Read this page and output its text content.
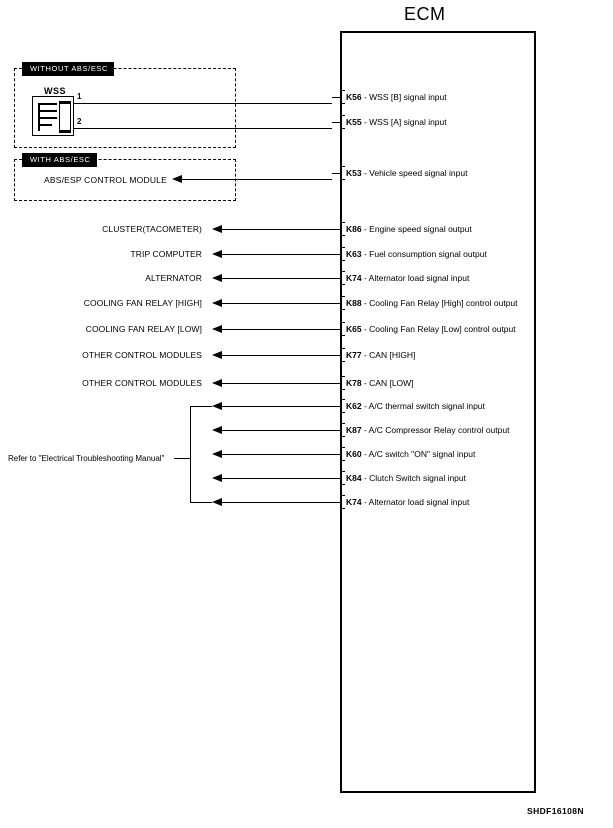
ECM
K56 - WSS [B] signal input
K55 - WSS [A] signal input
K53 - Vehicle speed signal input
K86 - Engine speed signal output
K63 - Fuel consumption signal output
K74 - Alternator load signal input
K88 - Cooling Fan Relay [High] control output
K65 - Cooling Fan Relay [Low] control output
K77 - CAN [HIGH]
K78 - CAN [LOW]
K62 - A/C thermal switch signal input
K87 - A/C Compressor Relay control output
K60 - A/C switch "ON" signal input
K84 - Clutch Switch signal input
K74 - Alternator load signal input
WITHOUT ABS/ESC
WITH ABS/ESC
WSS
1
2
ABS/ESP CONTROL MODULE
CLUSTER(TACOMETER)
TRIP COMPUTER
ALTERNATOR
COOLING FAN RELAY [HIGH]
COOLING FAN RELAY [LOW]
OTHER CONTROL MODULES
OTHER CONTROL MODULES
Refer to "Electrical Troubleshooting Manual"
SHDF16108N
